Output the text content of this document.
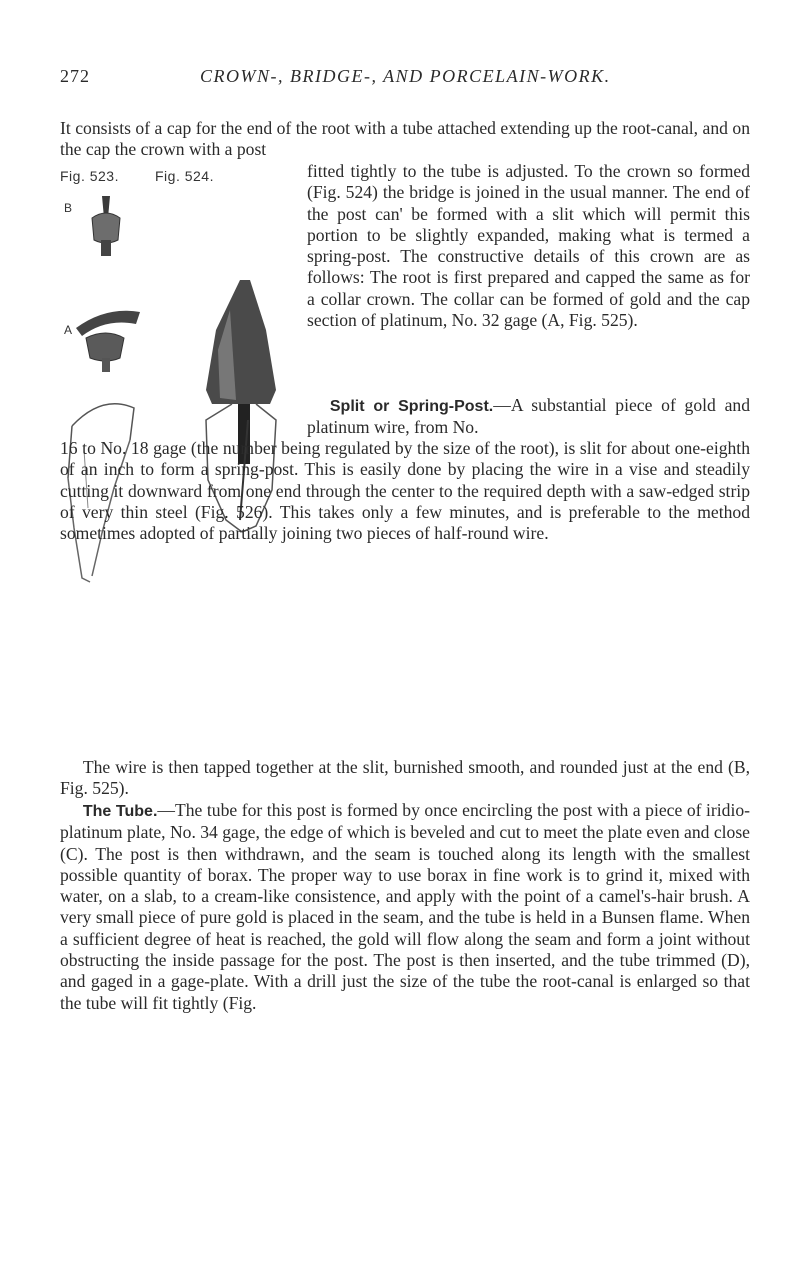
272	CROWN-, BRIDGE-, AND PORCELAIN-WORK.

It consists of a cap for the end of the root with a tube attached extending up the root-canal, and on the cap the crown with a post

Fig. 523.	Fig. 524.
B
A

fitted tightly to the tube is adjusted. To the crown so formed (Fig. 524) the bridge is joined in the usual manner. The end of the post can' be formed with a slit which will permit this portion to be slightly expanded, making what is termed a spring-post. The constructive details of this crown are as follows: The root is first prepared and capped the same as for a collar crown. The collar can be formed of gold and the cap section of platinum, No. 32 gage (A, Fig. 525).

Split or Spring-Post.—A substantial piece of gold and platinum wire, from No.

16 to No. 18 gage (the number being regulated by the size of the root), is slit for about one-eighth of an inch to form a spring-post. This is easily done by placing the wire in a vise and steadily cutting it downward from one end through the center to the required depth with a saw-edged strip of very thin steel (Fig. 526). This takes only a few minutes, and is preferable to the method sometimes adopted of partially joining two pieces of half-round wire.

The wire is then tapped together at the slit, burnished smooth, and rounded just at the end (B, Fig. 525).

The Tube.—The tube for this post is formed by once encircling the post with a piece of iridio-platinum plate, No. 34 gage, the edge of which is beveled and cut to meet the plate even and close (C). The post is then withdrawn, and the seam is touched along its length with the smallest possible quantity of borax. The proper way to use borax in fine work is to grind it, mixed with water, on a slab, to a cream-like consistence, and apply with the point of a camel's-hair brush. A very small piece of pure gold is placed in the seam, and the tube is held in a Bunsen flame. When a sufficient degree of heat is reached, the gold will flow along the seam and form a joint without obstructing the inside passage for the post. The post is then inserted, and the tube trimmed (D), and gaged in a gage-plate. With a drill just the size of the tube the root-canal is enlarged so that the tube will fit tightly (Fig.
